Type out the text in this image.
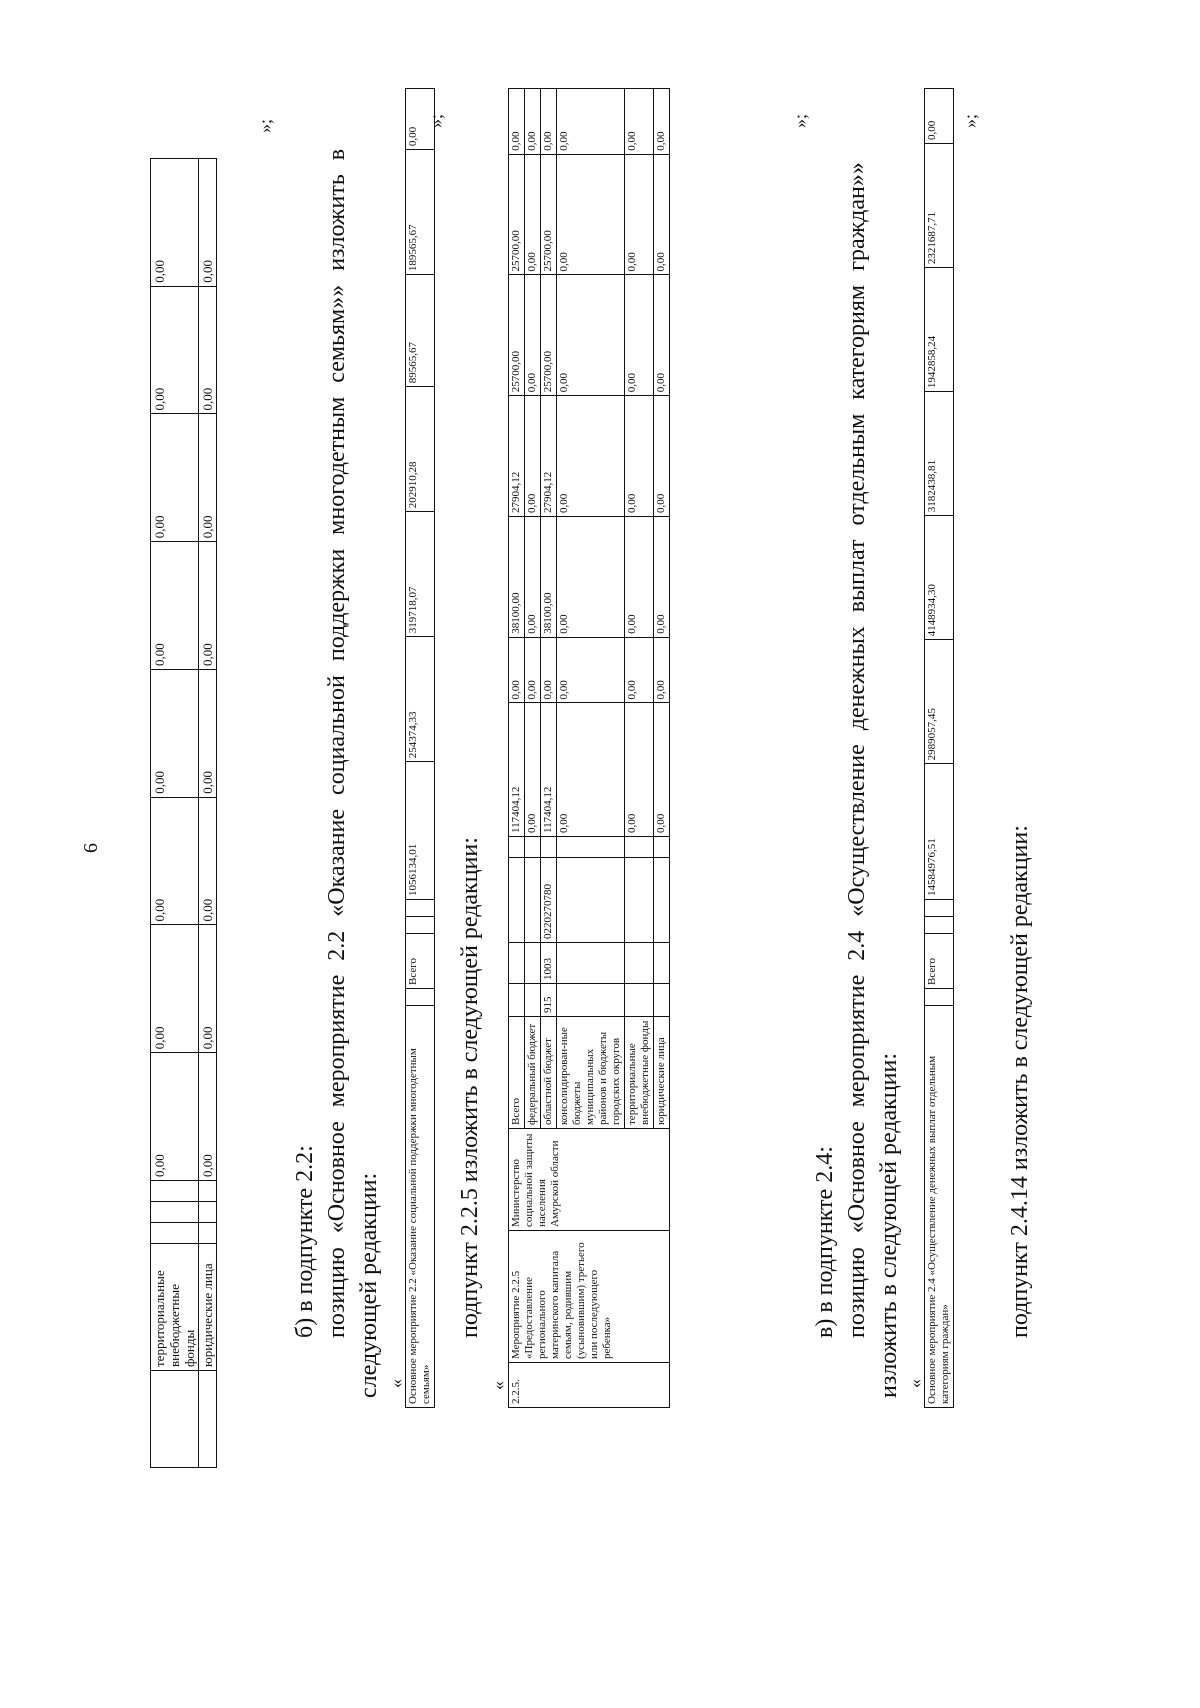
6
	территориальные внебюджетные фонды				0,00	0,00	0,00	0,00	0,00	0,00	0,00	0,00
	юридические лица				0,00	0,00	0,00	0,00	0,00	0,00	0,00	0,00
»;
б) в подпункте 2.2: позицию «Основное мероприятие 2.2 «Оказание социальной поддержки многодетным семьям»» изложить в следующей редакции: « Основное мероприятие 2.2 «Оказание социальной поддержки многодетным семьям»		Всего			1056134,01	254374,33	319718,07	202910,28	89565,67	189565,67	0,00
»;
подпункт 2.2.5 изложить в следующей редакции:
« 2.2.5.	Мероприятие 2.2.5 «Предоставление регионального материнского капитала семьям, родившим (усыновившим) третьего или последующего ребенка»	Министерство социальной защиты населения Амурской области	Всего					117404,12	0,00	38100,00	27904,12	25700,00	25700,00	0,00
			федеральный бюджет					0,00	0,00	0,00	0,00	0,00	0,00	0,00
			областной бюджет	915	1003	0220270780		117404,12	0,00	38100,00	27904,12	25700,00	25700,00	0,00
			консолидирован-ные бюджеты муниципальных районов и бюджеты городских округов					0,00	0,00	0,00	0,00	0,00	0,00	0,00
			территориальные внебюджетные фонды					0,00	0,00	0,00	0,00	0,00	0,00	0,00
			юридические лица					0,00	0,00	0,00	0,00	0,00	0,00	0,00
»;
в) в подпункте 2.4: позицию «Основное мероприятие 2.4 «Осуществление денежных выплат отдельным категориям граждан»» изложить в следующей редакции: « Основное мероприятие 2.4 «Осуществление денежных выплат отдельным категориям граждан»		Всего			14584976,51	2989057,45	4148934,30	3182438,81	1942858,24	2321687,71	0,00 »;
подпункт 2.4.14 изложить в следующей редакции:
